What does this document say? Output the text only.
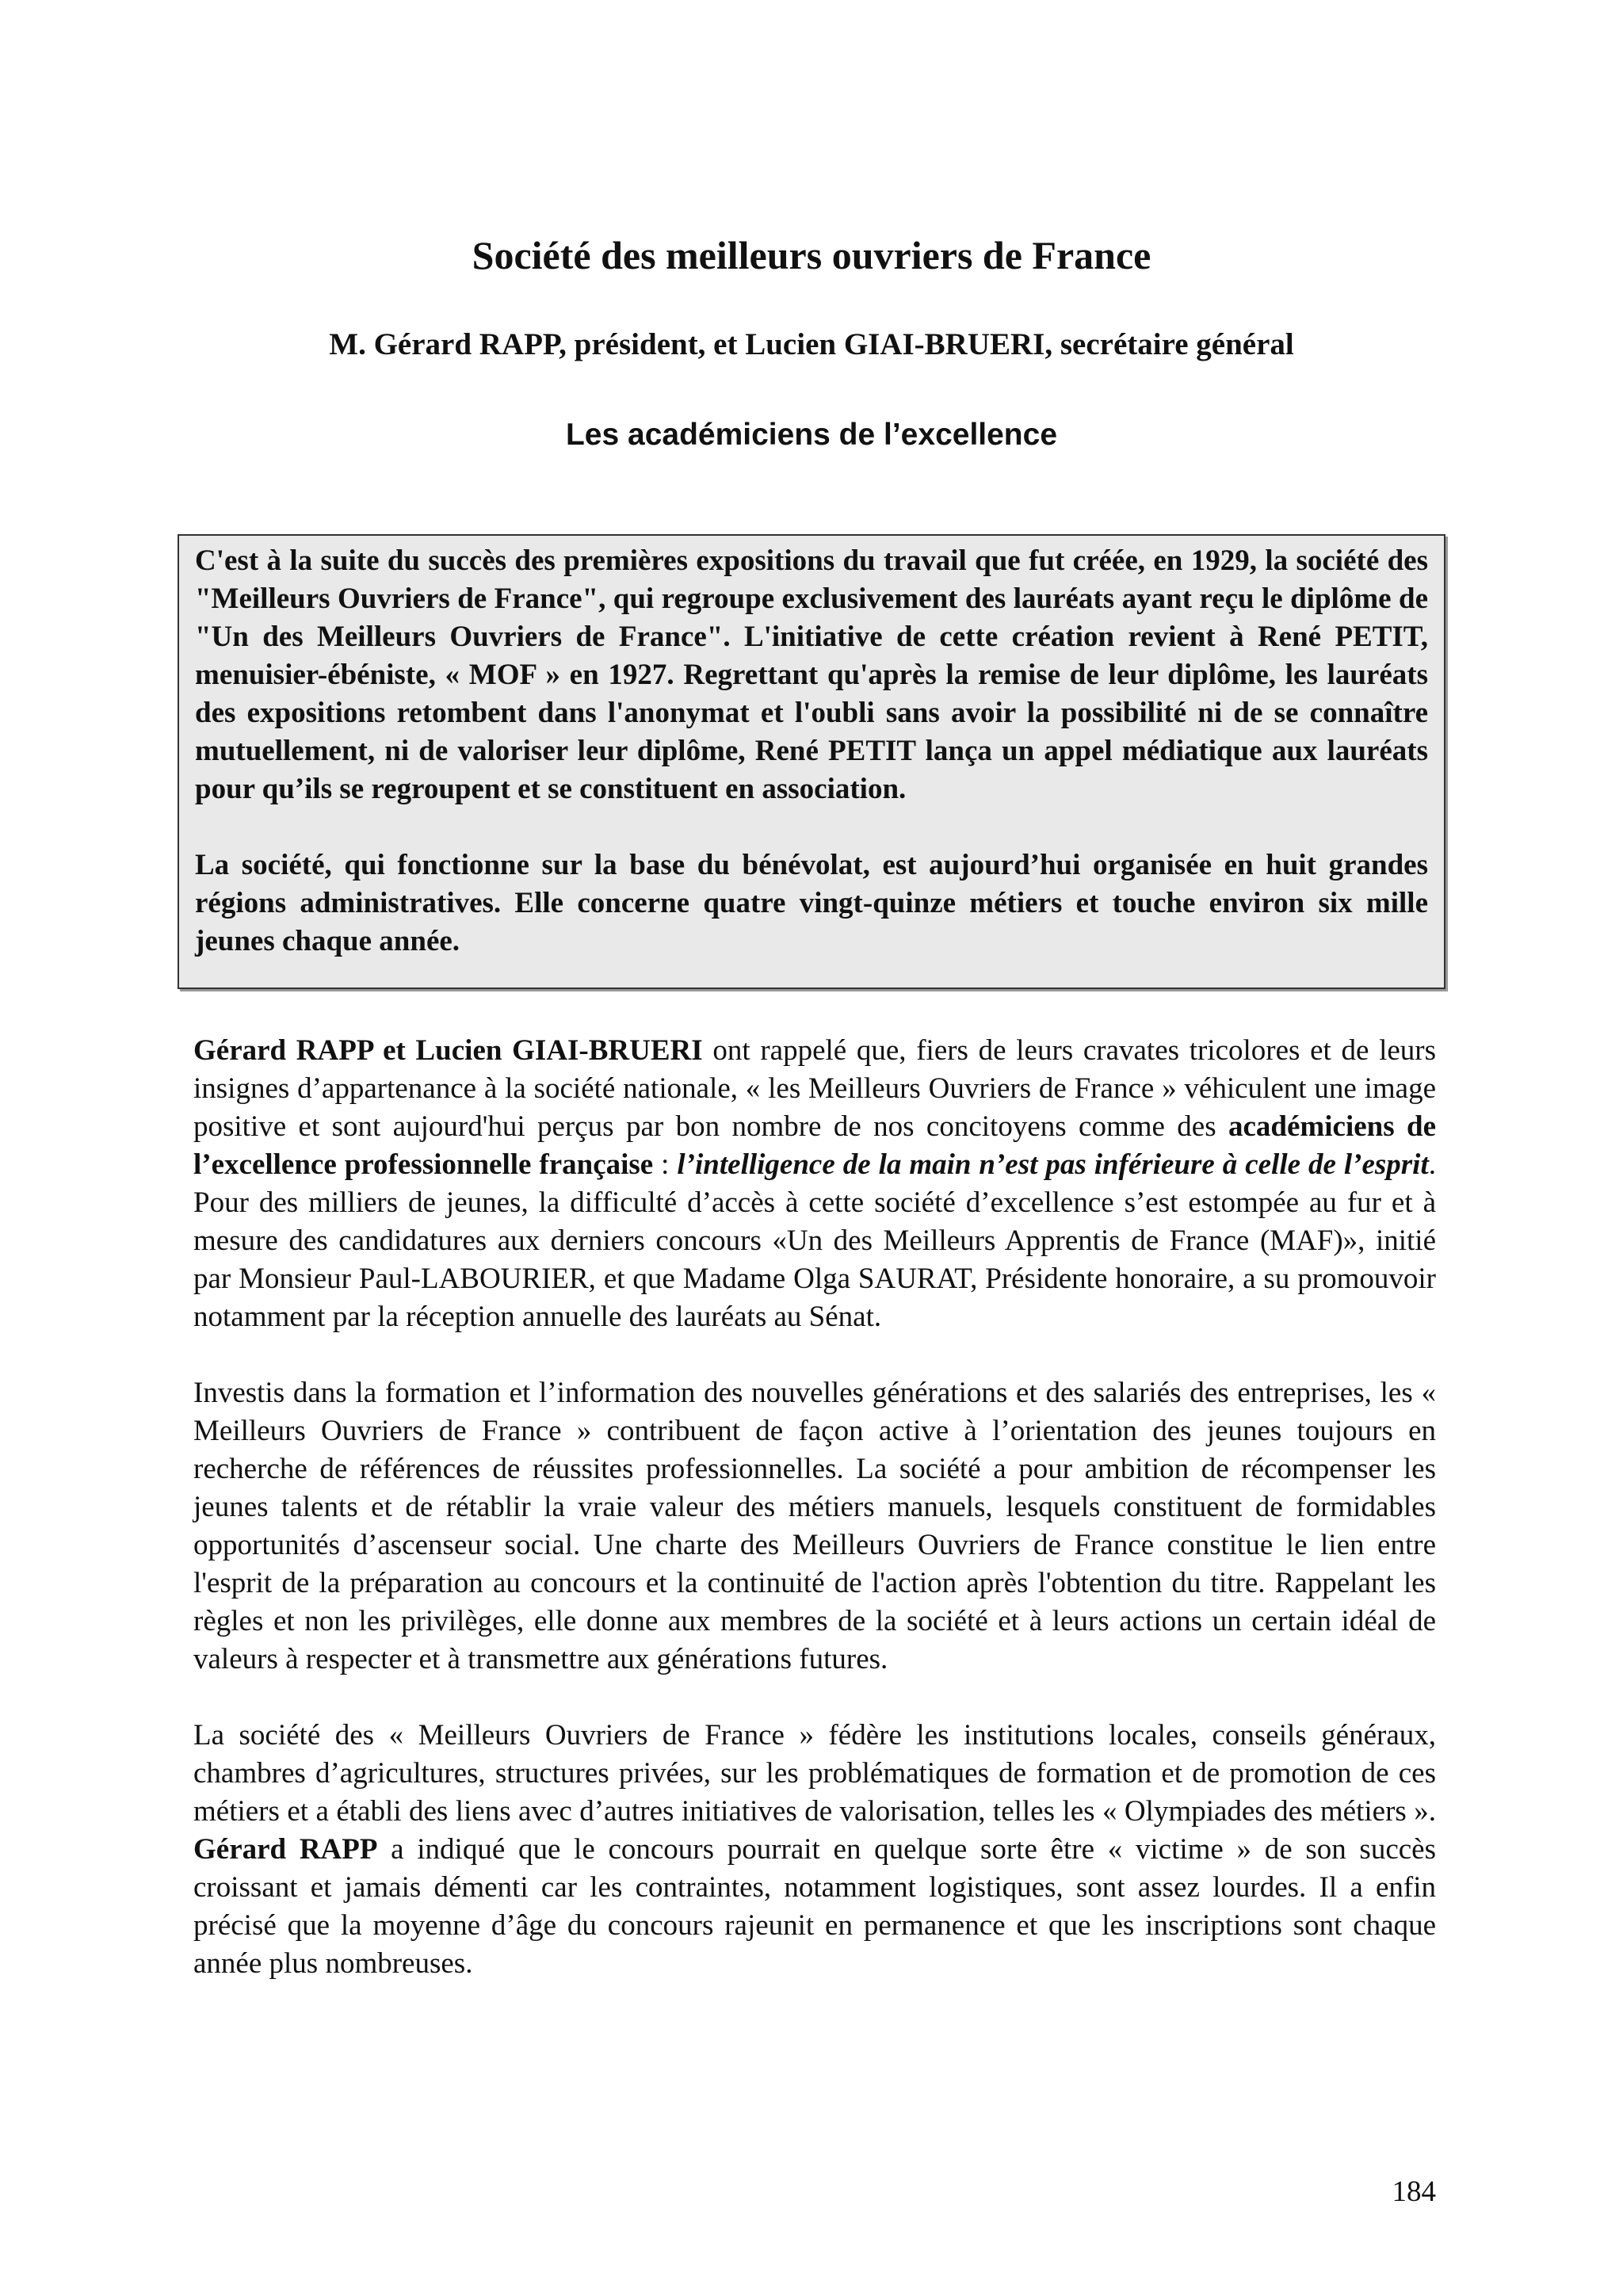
Société des meilleurs ouvriers de France
M. Gérard RAPP, président, et Lucien GIAI-BRUERI, secrétaire général
Les académiciens de l’excellence

C'est à la suite du succès des premières expositions du travail que fut créée, en 1929, la société des "Meilleurs Ouvriers de France", qui regroupe exclusivement des lauréats ayant reçu le diplôme de "Un des Meilleurs Ouvriers de France". L'initiative de cette création revient à René PETIT, menuisier-ébéniste, « MOF » en 1927. Regrettant qu'après la remise de leur diplôme, les lauréats des expositions retombent dans l'anonymat et l'oubli sans avoir la possibilité ni de se connaître mutuellement, ni de valoriser leur diplôme, René PETIT lança un appel médiatique aux lauréats pour qu’ils se regroupent et se constituent en association.

La société, qui fonctionne sur la base du bénévolat, est aujourd’hui organisée en huit grandes régions administratives. Elle concerne quatre vingt-quinze métiers et touche environ six mille jeunes chaque année.

Gérard RAPP et Lucien GIAI-BRUERI ont rappelé que, fiers de leurs cravates tricolores et de leurs insignes d’appartenance à la société nationale, « les Meilleurs Ouvriers de France » véhiculent une image positive et sont aujourd'hui perçus par bon nombre de nos concitoyens comme des académiciens de l’excellence professionnelle française : l’intelligence de la main n’est pas inférieure à celle de l’esprit. Pour des milliers de jeunes, la difficulté d’accès à cette société d’excellence s’est estompée au fur et à mesure des candidatures aux derniers concours «Un des Meilleurs Apprentis de France (MAF)», initié par Monsieur Paul-LABOURIER, et que Madame Olga SAURAT, Présidente honoraire, a su promouvoir notamment par la réception annuelle des lauréats au Sénat.

Investis dans la formation et l’information des nouvelles générations et des salariés des entreprises, les « Meilleurs Ouvriers de France » contribuent de façon active à l’orientation des jeunes toujours en recherche de références de réussites professionnelles. La société a pour ambition de récompenser les jeunes talents et de rétablir la vraie valeur des métiers manuels, lesquels constituent de formidables opportunités d’ascenseur social. Une charte des Meilleurs Ouvriers de France constitue le lien entre l'esprit de la préparation au concours et la continuité de l'action après l'obtention du titre. Rappelant les règles et non les privilèges, elle donne aux membres de la société et à leurs actions un certain idéal de valeurs à respecter et à transmettre aux générations futures.

La société des « Meilleurs Ouvriers de France » fédère les institutions locales, conseils généraux, chambres d’agricultures, structures privées, sur les problématiques de formation et de promotion de ces métiers et a établi des liens avec d’autres initiatives de valorisation, telles les « Olympiades des métiers ». Gérard RAPP a indiqué que le concours pourrait en quelque sorte être « victime » de son succès croissant et jamais démenti car les contraintes, notamment logistiques, sont assez lourdes. Il a enfin précisé que la moyenne d’âge du concours rajeunit en permanence et que les inscriptions sont chaque année plus nombreuses.

184
